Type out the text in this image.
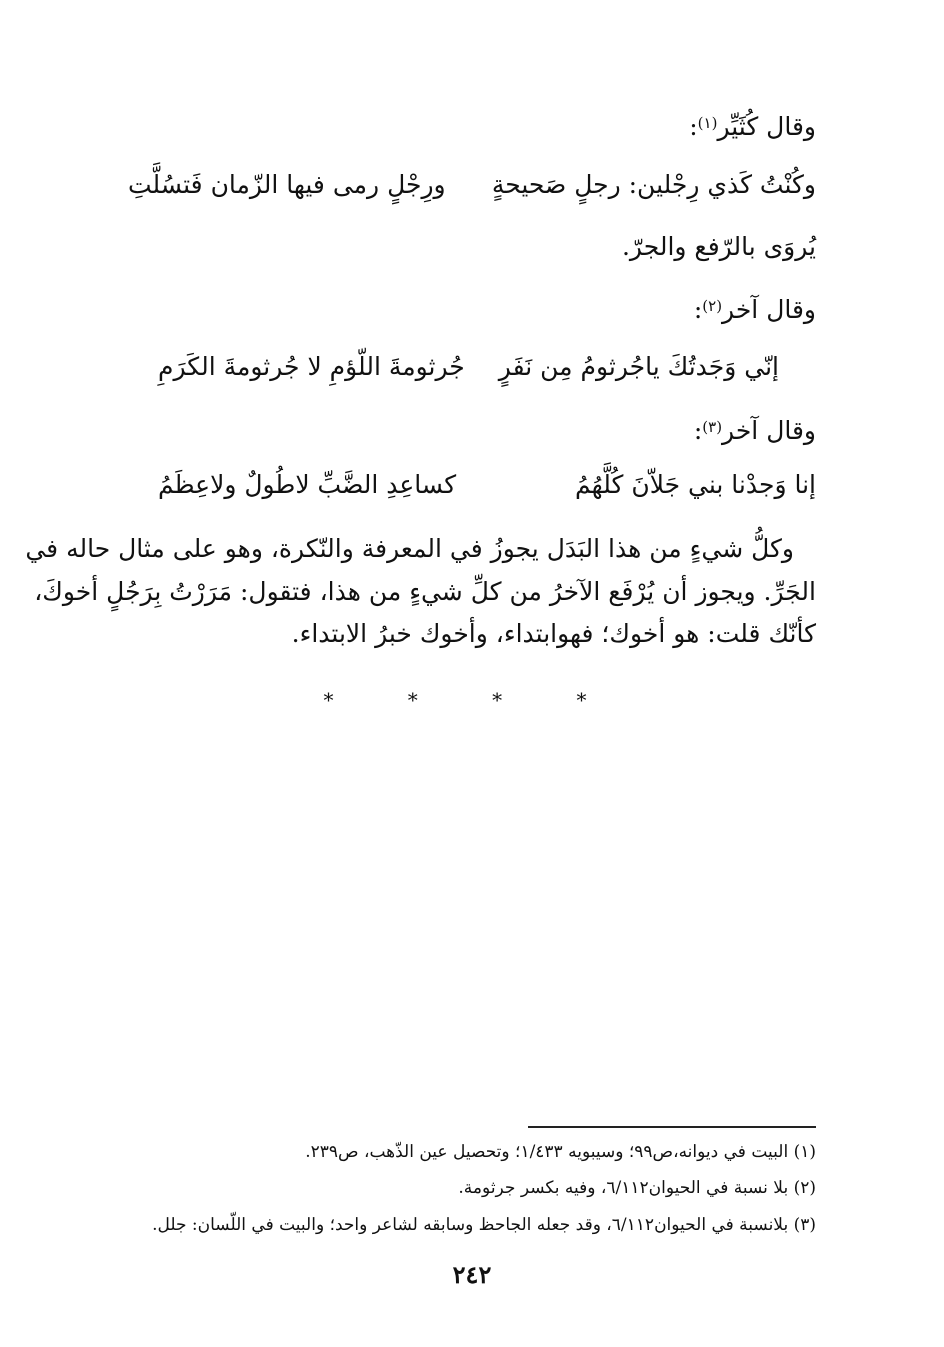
وقال كُثَيِّر$^{(١)}$:
وكُنْتُ كَذي رِجْلين: رجلٍ صَحيحةٍ
ورِجْلٍ رمى فيها الزّمان فَتسُلَّتِ
يُروَى بالرّفع والجرّ.
وقال آخر$^{(٢)}$:
إنّي وَجَدتُكَ ياجُرثومُ مِن نَفَرٍ
جُرثومةَ اللّؤمِ لا جُرثومةَ الكَرَمِ
وقال آخر$^{(٣)}$:
إنا وَجدْنا بني جَلاّنَ كُلَّهُمُ
كساعِدِ الضَّبِّ لاطُولٌ ولاعِظَمُ
وكلُّ شيءٍ من هذا البَدَل يجوزُ في المعرفة والنّكرة، وهو على مثال حاله في
الجَرِّ. ويجوز أن يُرْفَع الآخرُ من كلِّ شيءٍ من هذا، فتقول: مَرَرْتُ بِرَجُلٍ أخوكَ،
كأنّك قلت: هو أخوك؛ فهوابتداء، وأخوك خبرُ الابتداء.
* * * *
(١) البيت في ديوانه،ص٩٩؛ وسيبويه ١/٤٣٣؛ وتحصيل عين الذّهب، ص٢٣٩.
(٢) بلا نسبة في الحيوان٦/١١٢، وفيه بكسر جرثومة.
(٣) بلانسبة في الحيوان٦/١١٢، وقد جعله الجاحظ وسابقه لشاعر واحد؛ والبيت في اللّسان: جلل.
٢٤٢
